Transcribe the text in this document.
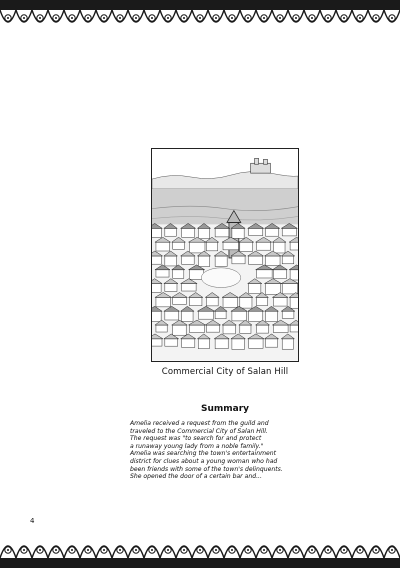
Commercial City of Salan Hill
Summary

Amelia received a request from the guild and

traveled to the Commercial City of Salan Hill.

The request was "to search for and protect

a runaway young lady from a noble family."

Amelia was searching the town's entertainment

district for clues about a young woman who had

been friends with some of the town's delinquents.

She opened the door of a certain bar and...

4
